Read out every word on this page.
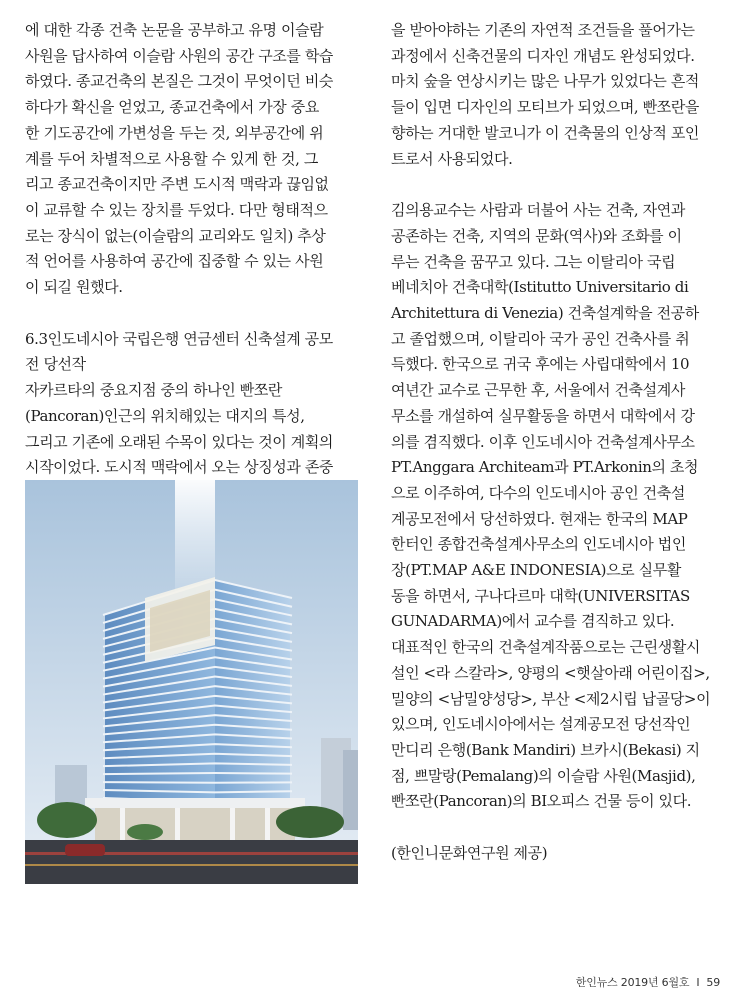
에 대한 각종 건축 논문을 공부하고 유명 이슬람
사원을 답사하여 이슬람 사원의 공간 구조를 학습
하였다. 종교건축의 본질은 그것이 무엇이던 비슷
하다가 확신을 얻었고, 종교건축에서 가장 중요
한 기도공간에 가변성을 두는 것, 외부공간에 위
계를 두어 차별적으로 사용할 수 있게 한 것, 그
리고 종교건축이지만 주변 도시적 맥락과 끊임없
이 교류할 수 있는 장치를 두었다. 다만 형태적으
로는 장식이 없는(이슬람의 교리와도 일치) 추상
적 언어를 사용하여 공간에 집중할 수 있는 사원
이 되길 원했다.

6.3인도네시아 국립은행 연금센터 신축설계 공모
전 당선작

자카르타의 중요지점 중의 하나인 빤쪼란
(Pancoran)인근의 위치해있는 대지의 특성,
그리고 기존에 오래된 수목이 있다는 것이 계획의
시작이었다. 도시적 맥락에서 오는 상징성과 존중

을 받아야하는 기존의 자연적 조건들을 풀어가는
과정에서 신축건물의 디자인 개념도 완성되었다.
마치 숲을 연상시키는 많은 나무가 있었다는 흔적
들이 입면 디자인의 모티브가 되었으며, 빤쪼란을
향하는 거대한 발코니가 이 건축물의 인상적 포인
트로서 사용되었다.

김의용교수는 사람과 더불어 사는 건축, 자연과
공존하는 건축, 지역의 문화(역사)와 조화를 이
루는 건축을 꿈꾸고 있다. 그는 이탈리아 국립
베네치아 건축대학(Istitutto Universitario di
Architettura di Venezia) 건축설계학을 전공하
고 졸업했으며, 이탈리아 국가 공인 건축사를 취
득했다. 한국으로 귀국 후에는 사립대학에서 10
여년간 교수로 근무한 후, 서울에서 건축설계사
무소를 개설하여 실무활동을 하면서 대학에서 강
의를 겸직했다. 이후 인도네시아 건축설계사무소
PT.Anggara Architeam과 PT.Arkonin의 초청
으로 이주하여, 다수의 인도네시아 공인 건축설
계공모전에서 당선하였다. 현재는 한국의 MAP
한터인 종합건축설계사무소의 인도네시아 법인
장(PT.MAP A&E INDONESIA)으로 실무활
동을 하면서, 구나다르마 대학(UNIVERSITAS
GUNADARMA)에서 교수를 겸직하고 있다.
대표적인 한국의 건축설계작품으로는 근린생활시
설인 <라 스칼라>, 양평의 <햇살아래 어린이집>,
밀양의 <남밀양성당>, 부산 <제2시립 납골당>이
있으며, 인도네시아에서는 설계공모전 당선작인
만디리 은행(Bank Mandiri) 브카시(Bekasi) 지
점, 쁘말랑(Pemalang)의 이슬람 사원(Masjid),
빤쪼란(Pancoran)의 BI오피스 건물 등이 있다.

(한인니문화연구원 제공)

한인뉴스 2019년 6월호 I 59
